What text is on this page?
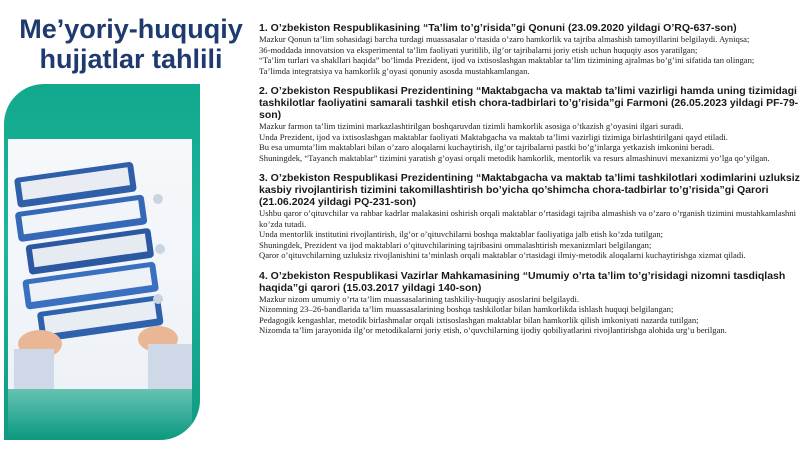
Me’yoriy-huquqiy hujjatlar tahlili
1. O’zbekiston Respublikasining “Ta’lim to’g’risida”gi Qonuni (23.09.2020 yildagi O’RQ-637-son)
Mazkur Qonun ta’lim sohasidagi barcha turdagi muassasalar o’rtasida o’zaro hamkorlik va tajriba almashish tamoyillarini belgilaydi. Ayniqsa;
36-moddada innovatsion va eksperimental ta’lim faoliyati yuritilib, ilg’or tajribalarni joriy etish uchun huquqiy asos yaratilgan;
“Ta’lim turlari va shakllari haqida” bo’limda Prezident, ijod va ixtisoslashgan maktablar ta’lim tizimining ajralmas bo’g’ini sifatida tan olingan;
Ta’limda integratsiya va hamkorlik g’oyasi qonuniy asosda mustahkamlangan.
2. O’zbekiston Respublikasi Prezidentining “Maktabgacha va maktab ta’limi vazirligi hamda uning tizimidagi tashkilotlar faoliyatini samarali tashkil etish chora-tadbirlari to’g’risida”gi Farmoni (26.05.2023 yildagi PF-79-son)
Mazkur farmon ta’lim tizimini markazlashtirilgan boshqaruvdan tizimli hamkorlik asosiga o’tkazish g’oyasini ilgari suradi.
Unda Prezident, ijod va ixtisoslashgan maktablar faoliyati Maktabgacha va maktab ta’limi vazirligi tizimiga birlashtirilgani qayd etiladi.
Bu esa umumta’lim maktablari bilan o’zaro aloqalarni kuchaytirish, ilg’or tajribalarni pastki bo’g’inlarga yetkazish imkonini beradi.
Shuningdek, “Tayanch maktablar” tizimini yaratish g’oyasi orqali metodik hamkorlik, mentorlik va resurs almashinuvi mexanizmi yo’lga qo’yilgan.
3. O’zbekiston Respublikasi Prezidentining “Maktabgacha va maktab ta’limi tashkilotlari xodimlarini uzluksiz kasbiy rivojlantirish tizimini takomillashtirish bo’yicha qo’shimcha chora-tadbirlar to’g’risida”gi Qarori (21.06.2024 yildagi PQ-231-son)
Ushbu qaror o’qituvchilar va rahbar kadrlar malakasini oshirish orqali maktablar o’rtasidagi tajriba almashish va o’zaro o’rganish tizimini mustahkamlashni ko’zda tutadi.
Unda mentorlik institutini rivojlantirish, ilg’or o’qituvchilarni boshqa maktablar faoliyatiga jalb etish ko’zda tutilgan;
Shuningdek, Prezident va ijod maktablari o’qituvchilarining tajribasini ommalashtirish mexanizmlari belgilangan;
Qaror o’qituvchilarning uzluksiz rivojlanishini ta’minlash orqali maktablar o’rtasidagi ilmiy-metodik aloqalarni kuchaytirishga xizmat qiladi.
4. O’zbekiston Respublikasi Vazirlar Mahkamasining “Umumiy o’rta ta’lim to’g’risidagi nizomni tasdiqlash haqida”gi qarori (15.03.2017 yildagi 140-son)
Mazkur nizom umumiy o’rta ta’lim muassasalarining tashkiliy-huquqiy asoslarini belgilaydi.
Nizomning 23–26-bandlarida ta’lim muassasalarining boshqa tashkilotlar bilan hamkorlikda ishlash huquqi belgilangan;
Pedagogik kengashlar, metodik birlashmalar orqali ixtisoslashgan maktablar bilan hamkorlik qilish imkoniyati nazarda tutilgan;
Nizomda ta’lim jarayonida ilg’or metodikalarni joriy etish, o’quvchilarning ijodiy qobiliyatlarini rivojlantirishga alohida urg’u berilgan.
